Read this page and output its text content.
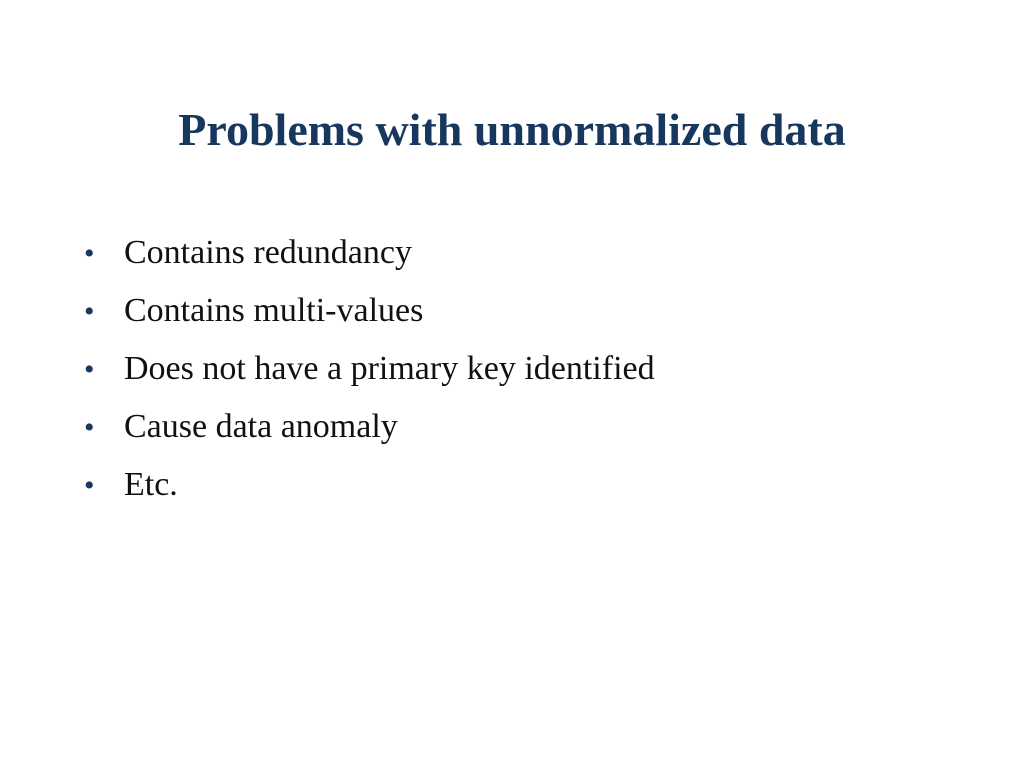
Problems with unnormalized data
• Contains redundancy
• Contains multi-values
• Does not have a primary key identified
• Cause data anomaly
• Etc.
